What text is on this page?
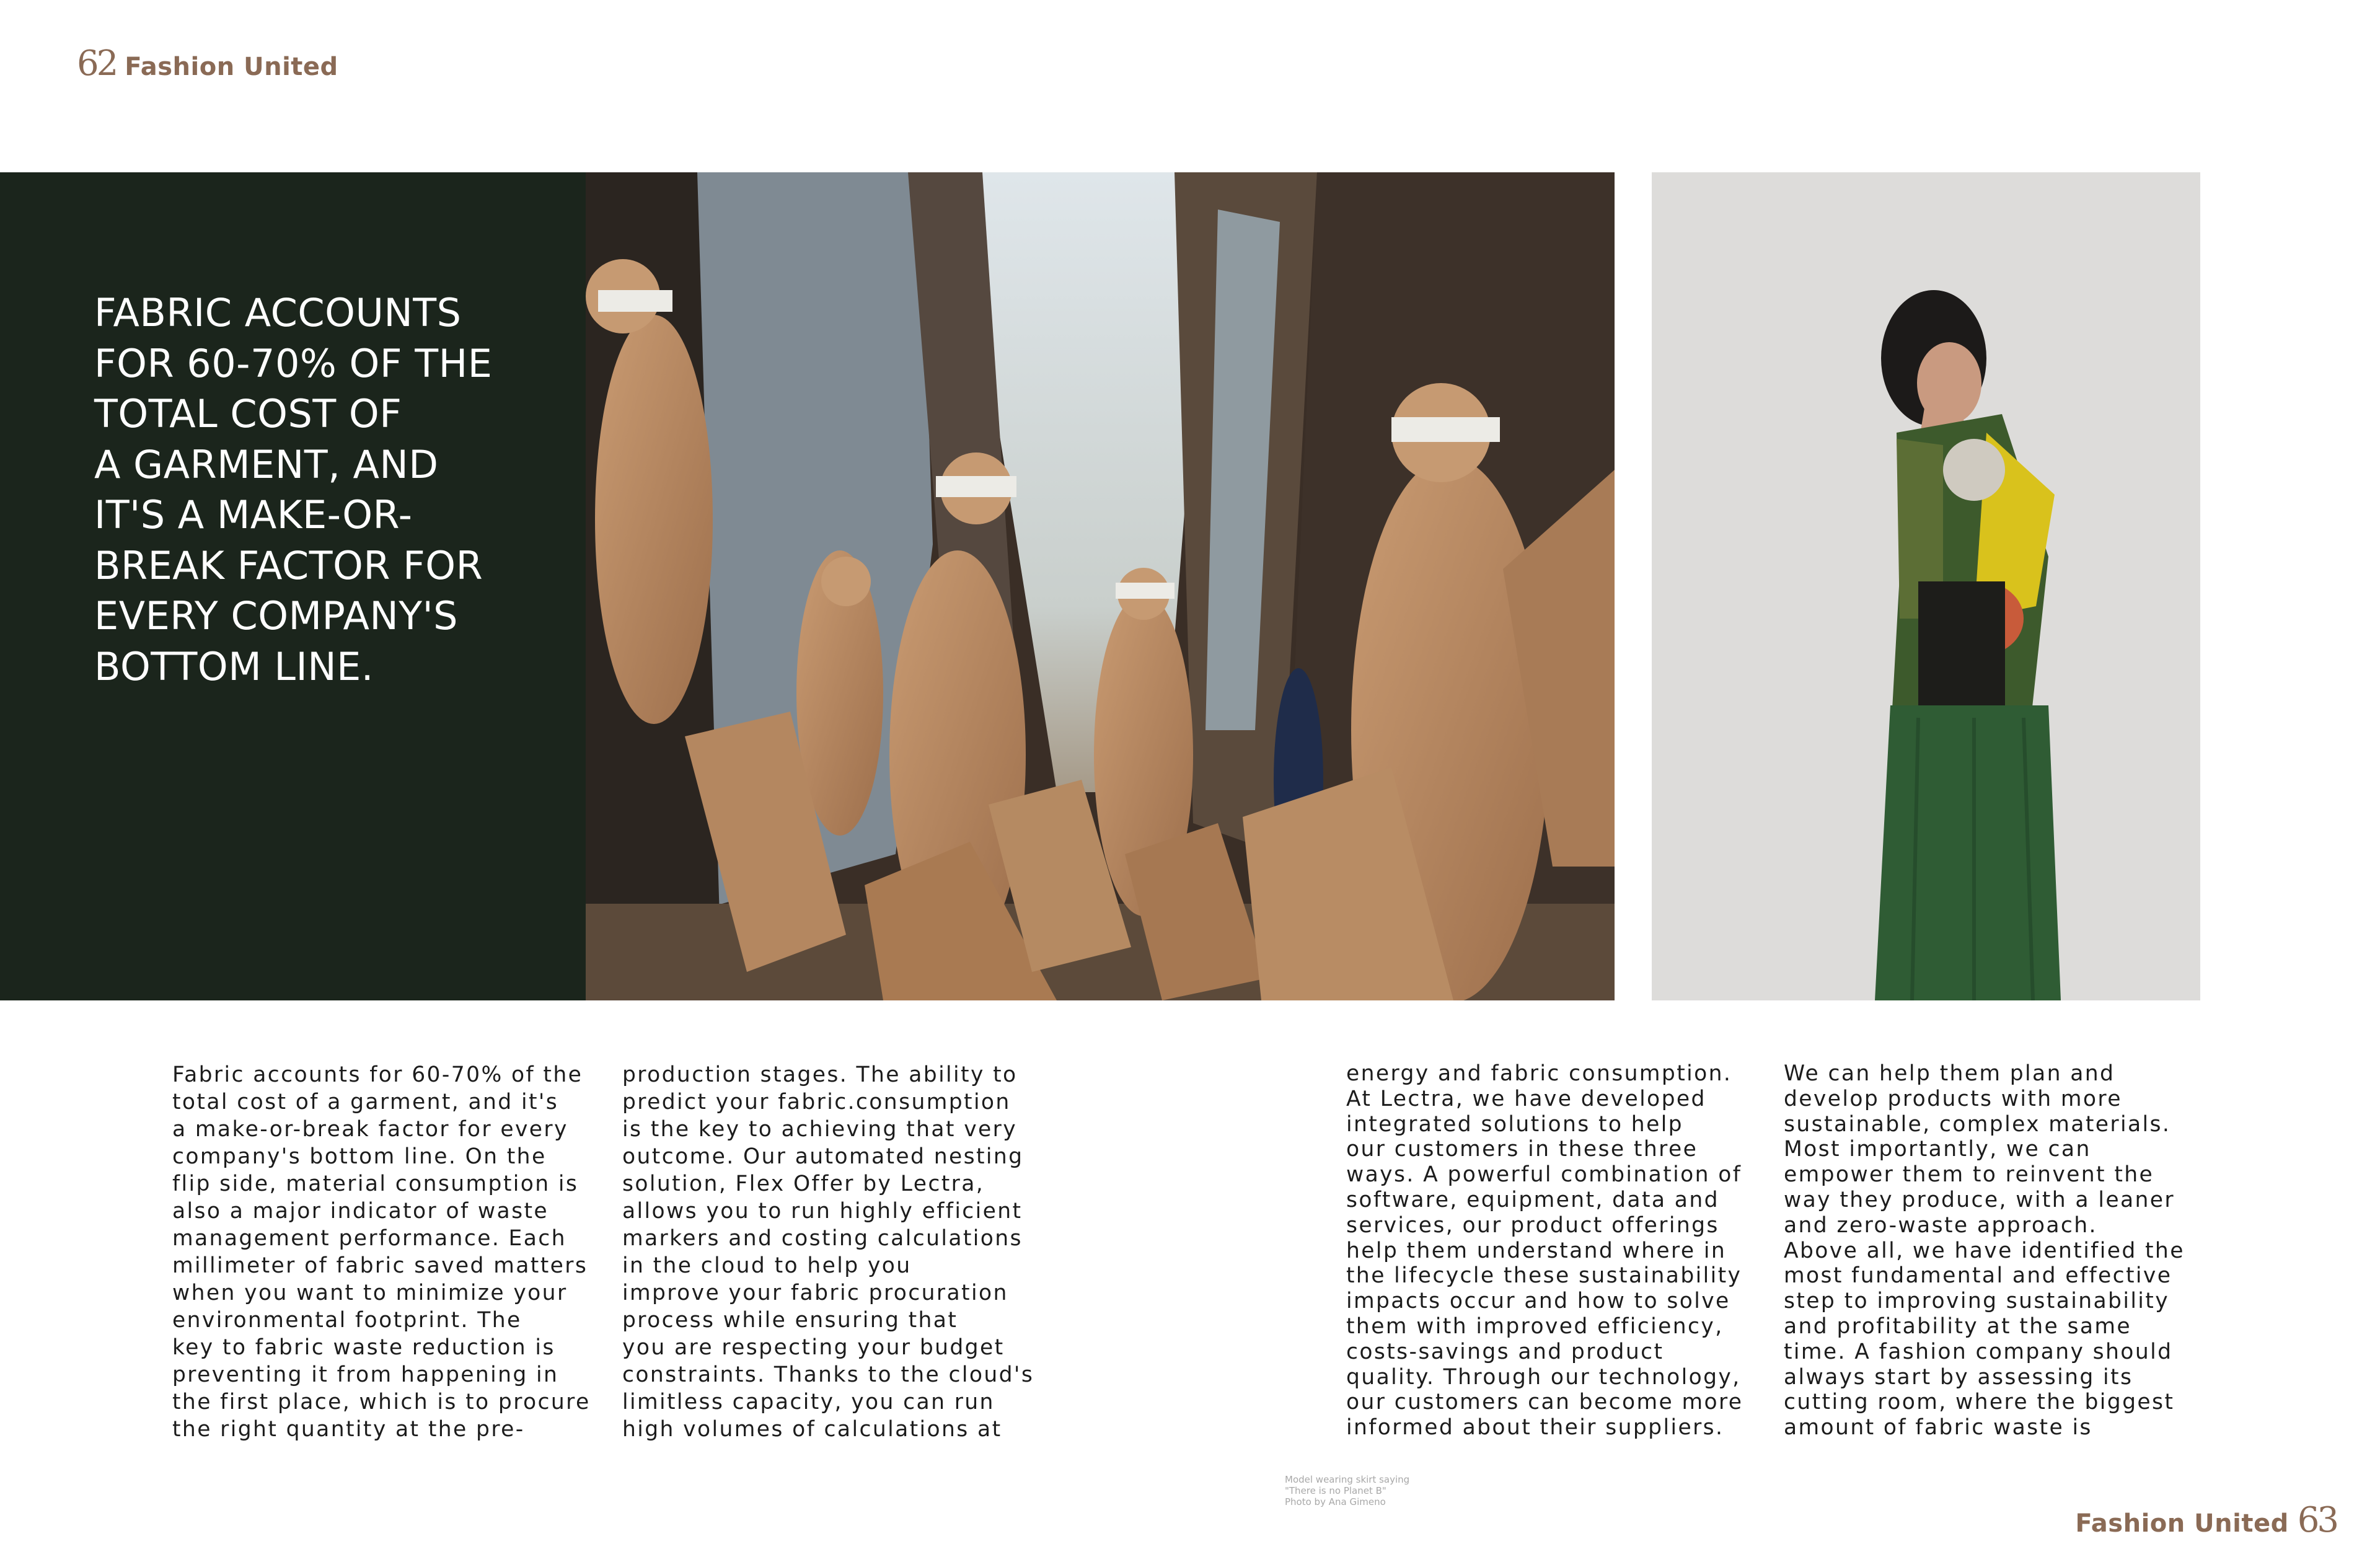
62 Fashion United
FABRIC ACCOUNTS
FOR 60-70% OF THE
TOTAL COST OF
A GARMENT, AND
IT'S A MAKE-OR-
BREAK FACTOR FOR
EVERY COMPANY'S
BOTTOM LINE.
Fabric accounts for 60-70% of the
total cost of a garment, and it's
a make-or-break factor for every
company's bottom line. On the
flip side, material consumption is
also a major indicator of waste
management performance. Each
millimeter of fabric saved matters
when you want to minimize your
environmental footprint. The
key to fabric waste reduction is
preventing it from happening in
the first place, which is to procure
the right quantity at the pre-
production stages. The ability to
predict your fabric.consumption
is the key to achieving that very
outcome. Our automated nesting
solution, Flex Offer by Lectra,
allows you to run highly efficient
markers and costing calculations
in the cloud to help you
improve your fabric procuration
process while ensuring that
you are respecting your budget
constraints. Thanks to the cloud's
limitless capacity, you can run
high volumes of calculations at
energy and fabric consumption.
At Lectra, we have developed
integrated solutions to help
our customers in these three
ways. A powerful combination of
software, equipment, data and
services, our product offerings
help them understand where in
the lifecycle these sustainability
impacts occur and how to solve
them with improved efficiency,
costs-savings and product
quality. Through our technology,
our customers can become more
informed about their suppliers.
We can help them plan and
develop products with more
sustainable, complex materials.
Most importantly, we can
empower them to reinvent the
way they produce, with a leaner
and zero-waste approach.
Above all, we have identified the
most fundamental and effective
step to improving sustainability
and profitability at the same
time. A fashion company should
always start by assessing its
cutting room, where the biggest
amount of fabric waste is
Model wearing skirt saying
"There is no Planet B"
Photo by Ana Gimeno	63
Fashion United
